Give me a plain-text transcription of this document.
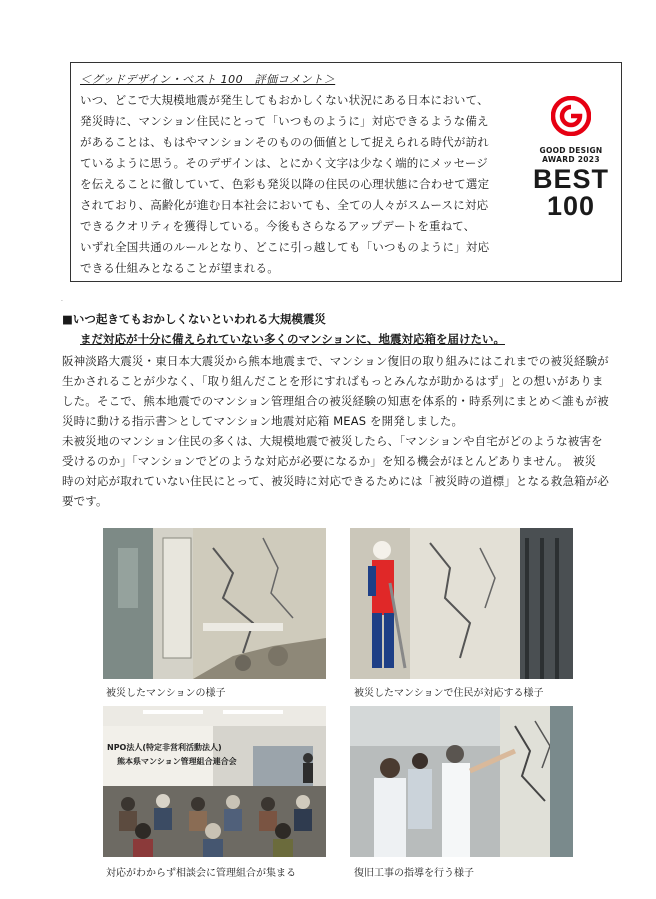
＜グッドデザイン・ベスト 100　評価コメント＞
いつ、どこで大規模地震が発生してもおかしくない状況にある日本において、
発災時に、マンション住民にとって「いつものように」対応できるような備え
があることは、もはやマンションそのものの価値として捉えられる時代が訪れ
ているように思う。そのデザインは、とにかく文字は少なく端的にメッセージ
を伝えることに徹していて、色彩も発災以降の住民の心理状態に合わせて選定
されており、高齢化が進む日本社会においても、全ての人々がスムースに対応
できるクオリティを獲得している。今後もさらなるアップデートを重ねて、
いずれ全国共通のルールとなり、どこに引っ越しても「いつものように」対応
できる仕組みとなることが望まれる。
GOOD DESIGN
AWARD 2023
BEST
100
.
■いつ起きてもおかしくないといわれる大規模震災
まだ対応が十分に備えられていない多くのマンションに、地震対応箱を届けたい。
阪神淡路大震災・東日本大震災から熊本地震まで、マンション復旧の取り組みにはこれまでの被災経験が
生かされることが少なく、「取り組んだことを形にすればもっとみんなが助かるはず」との想いがありま
した。そこで、熊本地震でのマンション管理組合の被災経験の知恵を体系的・時系列にまとめ＜誰もが被
災時に動ける指示書＞としてマンション地震対応箱 MEAS を開発しました。
未被災地のマンション住民の多くは、大規模地震で被災したら、「マンションや自宅がどのような被害を
受けるのか」「マンションでどのような対応が必要になるか」を知る機会がほとんどありません。 被災
時の対応が取れていない住民にとって、被災時に対応できるためには「被災時の道標」となる救急箱が必
要です。
被災したマンションの様子	被災したマンションで住民が対応する様子
NPO法人(特定非営利活動法人)
熊本県マンション管理組合連合会
対応がわからず相談会に管理組合が集まる	復旧工事の指導を行う様子
